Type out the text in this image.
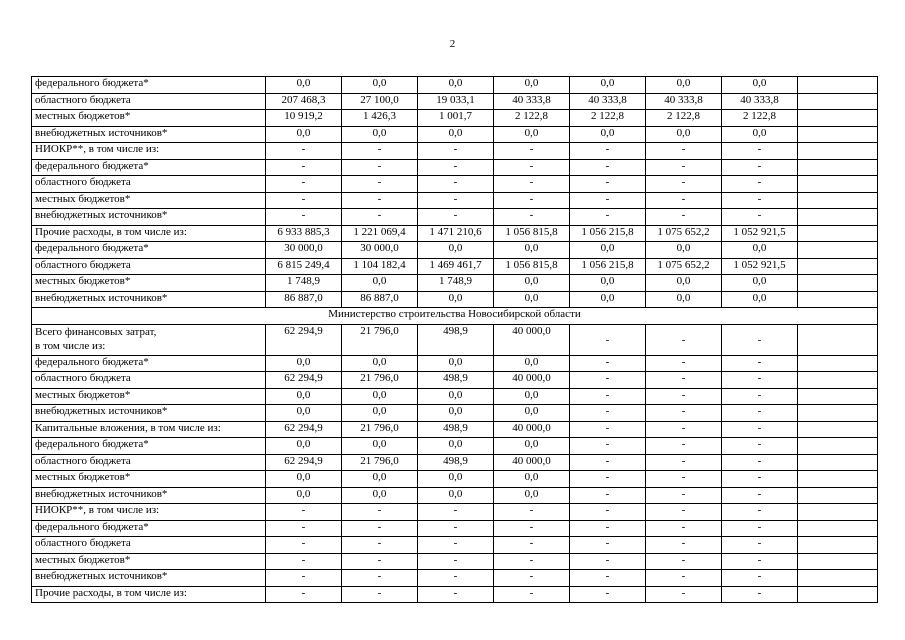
2
федерального бюджета*	0,0	0,0	0,0	0,0	0,0	0,0	0,0	
областного бюджета	207 468,3	27 100,0	19 033,1	40 333,8	40 333,8	40 333,8	40 333,8	
местных бюджетов*	10 919,2	1 426,3	1 001,7	2 122,8	2 122,8	2 122,8	2 122,8	
внебюджетных источников*	0,0	0,0	0,0	0,0	0,0	0,0	0,0	
НИОКР**, в том числе из:	-	-	-	-	-	-	-	
федерального бюджета*	-	-	-	-	-	-	-	
областного бюджета	-	-	-	-	-	-	-	
местных бюджетов*	-	-	-	-	-	-	-	
внебюджетных источников*	-	-	-	-	-	-	-	
Прочие расходы, в том числе из:	6 933 885,3	1 221 069,4	1 471 210,6	1 056 815,8	1 056 215,8	1 075 652,2	1 052 921,5	
федерального бюджета*	30 000,0	30 000,0	0,0	0,0	0,0	0,0	0,0	
областного бюджета	6 815 249,4	1 104 182,4	1 469 461,7	1 056 815,8	1 056 215,8	1 075 652,2	1 052 921,5	
местных бюджетов*	1 748,9	0,0	1 748,9	0,0	0,0	0,0	0,0	
внебюджетных источников*	86 887,0	86 887,0	0,0	0,0	0,0	0,0	0,0	
Министерство строительства Новосибирской области								
Всего финансовых затрат,
в том числе из:	62 294,9	21 796,0	498,9	40 000,0	-	-	-	
федерального бюджета*	0,0	0,0	0,0	0,0	-	-	-	
областного бюджета	62 294,9	21 796,0	498,9	40 000,0	-	-	-	
местных бюджетов*	0,0	0,0	0,0	0,0	-	-	-	
внебюджетных источников*	0,0	0,0	0,0	0,0	-	-	-	
Капитальные вложения, в том числе из:	62 294,9	21 796,0	498,9	40 000,0	-	-	-	
федерального бюджета*	0,0	0,0	0,0	0,0	-	-	-	
областного бюджета	62 294,9	21 796,0	498,9	40 000,0	-	-	-	
местных бюджетов*	0,0	0,0	0,0	0,0	-	-	-	
внебюджетных источников*	0,0	0,0	0,0	0,0	-	-	-	
НИОКР**, в том числе из:	-	-	-	-	-	-	-	
федерального бюджета*	-	-	-	-	-	-	-	
областного бюджета	-	-	-	-	-	-	-	
местных бюджетов*	-	-	-	-	-	-	-	
внебюджетных источников*	-	-	-	-	-	-	-	
Прочие расходы, в том числе из:	-	-	-	-	-	-	-	
